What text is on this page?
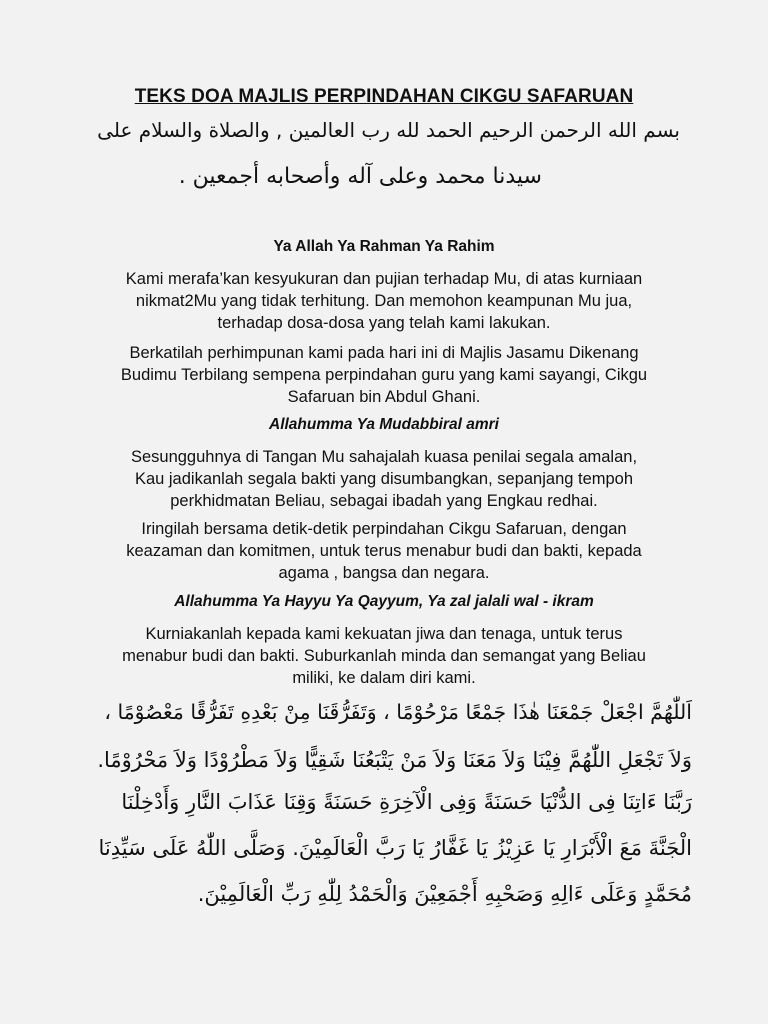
TEKS DOA MAJLIS PERPINDAHAN CIKGU SAFARUAN
بسم الله الرحمن الرحيم الحمد لله رب العالمين , والصلاة والسلام على
سيدنا محمد وعلى آله وأصحابه أجمعين .
Ya Allah Ya Rahman Ya Rahim
Kami merafa’kan kesyukuran dan pujian terhadap Mu, di atas kurniaan
nikmat2Mu yang tidak terhitung. Dan memohon keampunan Mu jua,
terhadap dosa-dosa yang telah kami lakukan.
Berkatilah perhimpunan kami pada hari ini di Majlis Jasamu Dikenang
Budimu Terbilang sempena perpindahan guru yang kami sayangi, Cikgu
Safaruan bin Abdul Ghani.
Allahumma Ya Mudabbiral amri
Sesungguhnya di Tangan Mu sahajalah kuasa penilai segala amalan,
Kau jadikanlah segala bakti yang disumbangkan, sepanjang tempoh
perkhidmatan Beliau, sebagai ibadah yang Engkau redhai.
Iringilah bersama detik-detik perpindahan Cikgu Safaruan, dengan
keazaman dan komitmen, untuk terus menabur budi dan bakti, kepada
agama , bangsa dan negara.
Allahumma Ya Hayyu Ya Qayyum, Ya zal jalali wal - ikram
Kurniakanlah kepada kami kekuatan jiwa dan tenaga, untuk terus
menabur budi dan bakti. Suburkanlah minda dan semangat yang Beliau
miliki, ke dalam diri kami.
اَللّٰهُمَّ اجْعَلْ جَمْعَنَا هٰذَا جَمْعًا مَرْحُوْمًا ، وَتَفَرُّقَنَا مِنْ بَعْدِهِ تَفَرُّقًا مَعْصُوْمًا ،
وَلاَ تَجْعَلِ اللّٰهُمَّ فِيْنَا وَلاَ مَعَنَا وَلاَ مَنْ يَتْبَعُنَا شَقِيًّا وَلاَ مَطْرُوْدًا وَلاَ مَحْرُوْمًا.
رَبَّنَا ءَاتِنَا فِى الدُّنْيَا حَسَنَةً وَفِى الْآخِرَةِ حَسَنَةً وَقِنَا عَذَابَ النَّارِ وَأَدْخِلْنَا
الْجَنَّةَ مَعَ الْأَبْرَارِ يَا عَزِيْزُ يَا غَفَّارُ يَا رَبَّ الْعَالَمِيْنَ. وَصَلَّى اللّٰهُ عَلَى سَيِّدِنَا
مُحَمَّدٍ وَعَلَى ءَالِهِ وَصَحْبِهِ أَجْمَعِيْنَ وَالْحَمْدُ لِلّٰهِ رَبِّ الْعَالَمِيْنَ.
